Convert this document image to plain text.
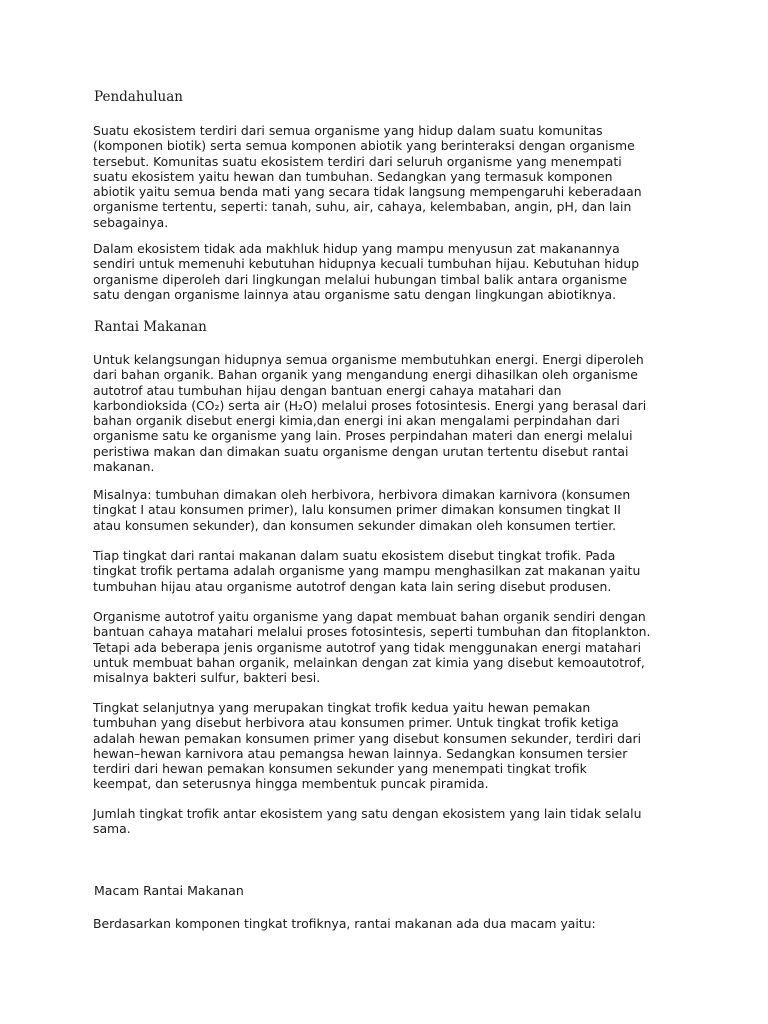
Pendahuluan

Suatu ekosistem terdiri dari semua organisme yang hidup dalam suatu komunitas
(komponen biotik) serta semua komponen abiotik yang berinteraksi dengan organisme
tersebut. Komunitas suatu ekosistem terdiri dari seluruh organisme yang menempati
suatu ekosistem yaitu hewan dan tumbuhan. Sedangkan yang termasuk komponen
abiotik yaitu semua benda mati yang secara tidak langsung mempengaruhi keberadaan
organisme tertentu, seperti: tanah, suhu, air, cahaya, kelembaban, angin, pH, dan lain
sebagainya.

Dalam ekosistem tidak ada makhluk hidup yang mampu menyusun zat makanannya
sendiri untuk memenuhi kebutuhan hidupnya kecuali tumbuhan hijau. Kebutuhan hidup
organisme diperoleh dari lingkungan melalui hubungan timbal balik antara organisme
satu dengan organisme lainnya atau organisme satu dengan lingkungan abiotiknya.

Rantai Makanan

Untuk kelangsungan hidupnya semua organisme membutuhkan energi. Energi diperoleh
dari bahan organik. Bahan organik yang mengandung energi dihasilkan oleh organisme
autotrof atau tumbuhan hijau dengan bantuan energi cahaya matahari dan
karbondioksida (CO₂) serta air (H₂O) melalui proses fotosintesis. Energi yang berasal dari
bahan organik disebut energi kimia,dan energi ini akan mengalami perpindahan dari
organisme satu ke organisme yang lain. Proses perpindahan materi dan energi melalui
peristiwa makan dan dimakan suatu organisme dengan urutan tertentu disebut rantai
makanan.

Misalnya: tumbuhan dimakan oleh herbivora, herbivora dimakan karnivora (konsumen
tingkat I atau konsumen primer), lalu konsumen primer dimakan konsumen tingkat II
atau konsumen sekunder), dan konsumen sekunder dimakan oleh konsumen tertier.

Tiap tingkat dari rantai makanan dalam suatu ekosistem disebut tingkat trofik. Pada
tingkat trofik pertama adalah organisme yang mampu menghasilkan zat makanan yaitu
tumbuhan hijau atau organisme autotrof dengan kata lain sering disebut produsen.

Organisme autotrof yaitu organisme yang dapat membuat bahan organik sendiri dengan
bantuan cahaya matahari melalui proses fotosintesis, seperti tumbuhan dan fitoplankton.
Tetapi ada beberapa jenis organisme autotrof yang tidak menggunakan energi matahari
untuk membuat bahan organik, melainkan dengan zat kimia yang disebut kemoautotrof,
misalnya bakteri sulfur, bakteri besi.

Tingkat selanjutnya yang merupakan tingkat trofik kedua yaitu hewan pemakan
tumbuhan yang disebut herbivora atau konsumen primer. Untuk tingkat trofik ketiga
adalah hewan pemakan konsumen primer yang disebut konsumen sekunder, terdiri dari
hewan–hewan karnivora atau pemangsa hewan lainnya. Sedangkan konsumen tersier
terdiri dari hewan pemakan konsumen sekunder yang menempati tingkat trofik
keempat, dan seterusnya hingga membentuk puncak piramida.

Jumlah tingkat trofik antar ekosistem yang satu dengan ekosistem yang lain tidak selalu
sama.

Macam Rantai Makanan

Berdasarkan komponen tingkat trofiknya, rantai makanan ada dua macam yaitu:
